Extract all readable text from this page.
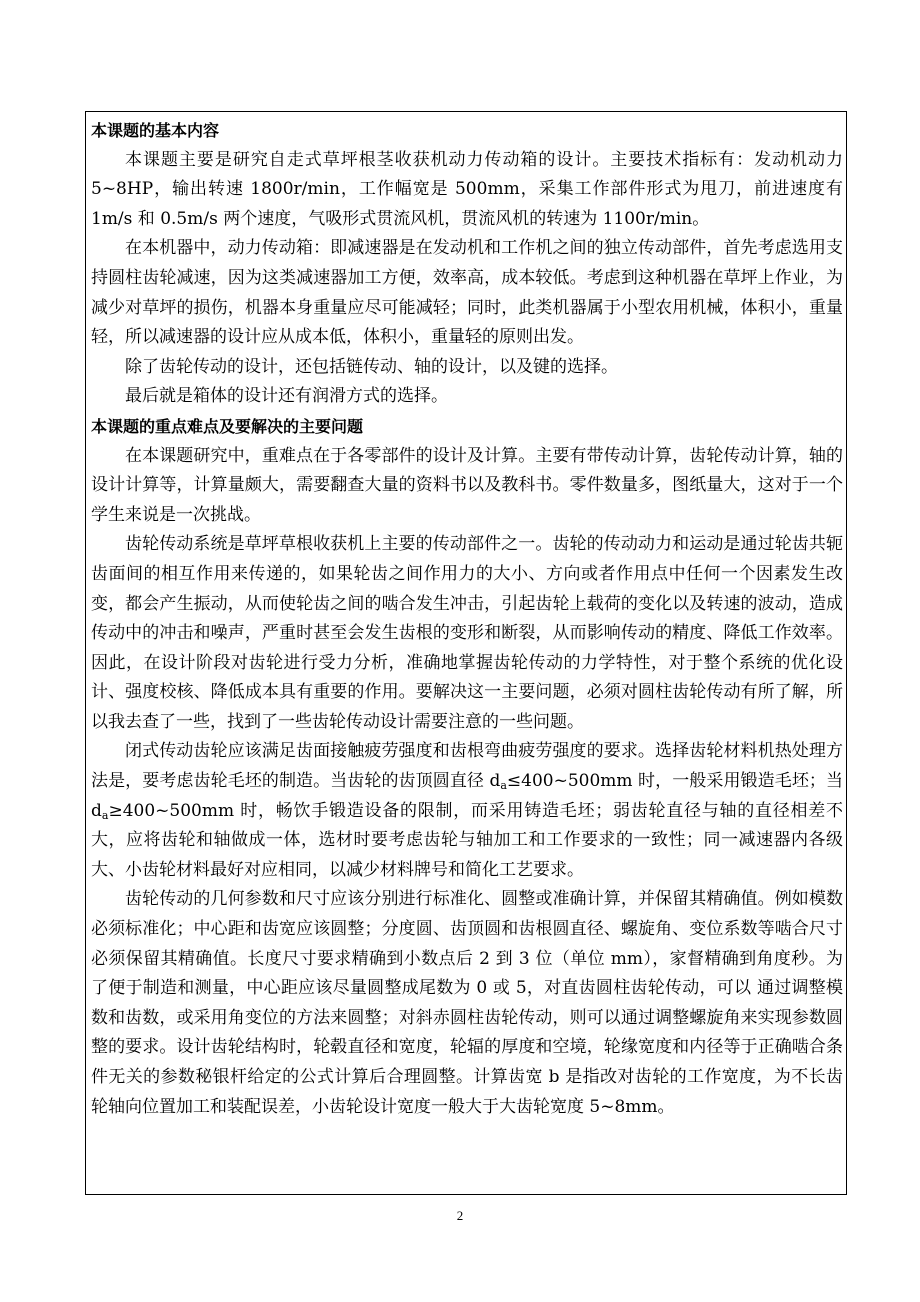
本课题的基本内容

本课题主要是研究自走式草坪根茎收获机动力传动箱的设计。主要技术指标有：发动机动力 5~8HP，输出转速 1800r/min，工作幅宽是 500mm，采集工作部件形式为甩刀，前进速度有 1m/s 和 0.5m/s 两个速度，气吸形式贯流风机，贯流风机的转速为 1100r/min。

在本机器中，动力传动箱：即减速器是在发动机和工作机之间的独立传动部件，首先考虑选用支持圆柱齿轮减速，因为这类减速器加工方便，效率高，成本较低。考虑到这种机器在草坪上作业，为减少对草坪的损伤，机器本身重量应尽可能减轻；同时，此类机器属于小型农用机械，体积小，重量轻，所以减速器的设计应从成本低，体积小，重量轻的原则出发。

除了齿轮传动的设计，还包括链传动、轴的设计，以及键的选择。

最后就是箱体的设计还有润滑方式的选择。

本课题的重点难点及要解决的主要问题

在本课题研究中，重难点在于各零部件的设计及计算。主要有带传动计算，齿轮传动计算，轴的设计计算等，计算量颇大，需要翻查大量的资料书以及教科书。零件数量多，图纸量大，这对于一个学生来说是一次挑战。

齿轮传动系统是草坪草根收获机上主要的传动部件之一。齿轮的传动动力和运动是通过轮齿共轭齿面间的相互作用来传递的，如果轮齿之间作用力的大小、方向或者作用点中任何一个因素发生改变，都会产生振动，从而使轮齿之间的啮合发生冲击，引起齿轮上载荷的变化以及转速的波动，造成传动中的冲击和噪声，严重时甚至会发生齿根的变形和断裂，从而影响传动的精度、降低工作效率。因此，在设计阶段对齿轮进行受力分析，准确地掌握齿轮传动的力学特性，对于整个系统的优化设计、强度校核、降低成本具有重要的作用。要解决这一主要问题，必须对圆柱齿轮传动有所了解，所以我去查了一些，找到了一些齿轮传动设计需要注意的一些问题。

闭式传动齿轮应该满足齿面接触疲劳强度和齿根弯曲疲劳强度的要求。选择齿轮材料机热处理方法是，要考虑齿轮毛坯的制造。当齿轮的齿顶圆直径 $d_a\le 400\sim 500mm$ 时，一般采用锻造毛坯；当 $d_a\ge 400\sim 500mm$ 时，畅饮手锻造设备的限制，而采用铸造毛坯；弱齿轮直径与轴的直径相差不大，应将齿轮和轴做成一体，选材时要考虑齿轮与轴加工和工作要求的一致性；同一减速器内各级大、小齿轮材料最好对应相同，以减少材料牌号和简化工艺要求。

齿轮传动的几何参数和尺寸应该分别进行标准化、圆整或准确计算，并保留其精确值。例如模数必须标准化；中心距和齿宽应该圆整；分度圆、齿顶圆和齿根圆直径、螺旋角、变位系数等啮合尺寸必须保留其精确值。长度尺寸要求精确到小数点后 2 到 3 位（单位 mm），家督精确到角度秒。为了便于制造和测量，中心距应该尽量圆整成尾数为 0 或 5，对直齿圆柱齿轮传动，可以 通过调整模数和齿数，或采用角变位的方法来圆整；对斜赤圆柱齿轮传动，则可以通过调整螺旋角来实现参数圆整的要求。设计齿轮结构时，轮毂直径和宽度，轮辐的厚度和空境，轮缘宽度和内径等于正确啮合条件无关的参数秘银杆给定的公式计算后合理圆整。计算齿宽 b 是指改对齿轮的工作宽度，为不长齿轮轴向位置加工和装配误差，小齿轮设计宽度一般大于大齿轮宽度 5~8mm。

2
